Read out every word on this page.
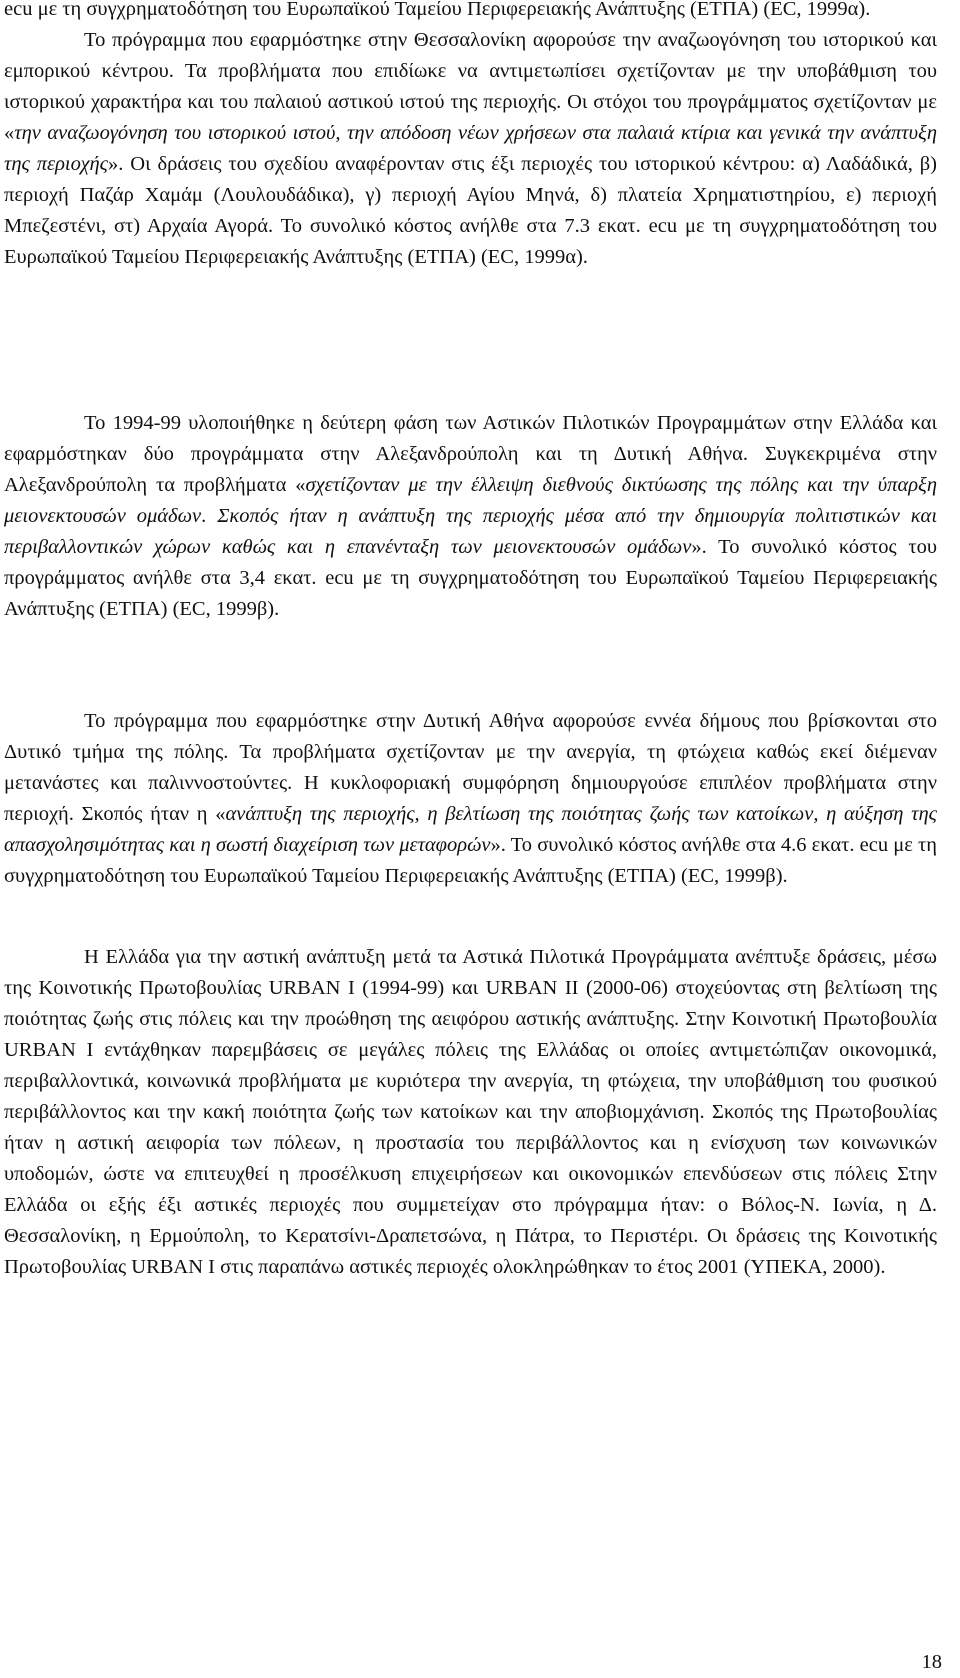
ecu με τη συγχρηματοδότηση του Ευρωπαϊκού Ταμείου Περιφερειακής Ανάπτυξης (ΕΤΠΑ) (ΕC, 1999α).

Το πρόγραμμα που εφαρμόστηκε στην Θεσσαλονίκη αφορούσε την αναζωογόνηση του ιστορικού και εμπορικού κέντρου. Τα προβλήματα που επιδίωκε να αντιμετωπίσει σχετίζονταν με την υποβάθμιση του ιστορικού χαρακτήρα και του παλαιού αστικού ιστού της περιοχής. Οι στόχοι του προγράμματος σχετίζονταν με «την αναζωογόνηση του ιστορικού ιστού, την απόδοση νέων χρήσεων στα παλαιά κτίρια και γενικά την ανάπτυξη της περιοχής». Οι δράσεις του σχεδίου αναφέρονταν στις έξι περιοχές του ιστορικού κέντρου: α) Λαδάδικά, β) περιοχή Παζάρ Χαμάμ (Λουλουδάδικα), γ) περιοχή Αγίου Μηνά, δ) πλατεία Χρηματιστηρίου, ε) περιοχή Μπεζεστένι, στ) Αρχαία Αγορά. Το συνολικό κόστος ανήλθε στα 7.3 εκατ. ecu με τη συγχρηματοδότηση του Ευρωπαϊκού Ταμείου Περιφερειακής Ανάπτυξης (ΕΤΠΑ) (ΕC, 1999α).

Το 1994-99 υλοποιήθηκε η δεύτερη φάση των Αστικών Πιλοτικών Προγραμμάτων στην Ελλάδα και εφαρμόστηκαν δύο προγράμματα στην Αλεξανδρούπολη και τη Δυτική Αθήνα. Συγκεκριμένα στην Αλεξανδρούπολη τα προβλήματα «σχετίζονταν με την έλλειψη διεθνούς δικτύωσης της πόλης και την ύπαρξη μειονεκτουσών ομάδων. Σκοπός ήταν η ανάπτυξη της περιοχής μέσα από την δημιουργία πολιτιστικών και περιβαλλοντικών χώρων καθώς και η επανένταξη των μειονεκτουσών ομάδων». Το συνολικό κόστος του προγράμματος ανήλθε στα 3,4 εκατ. ecu με τη συγχρηματοδότηση του Ευρωπαϊκού Ταμείου Περιφερειακής Ανάπτυξης (ΕΤΠΑ) (ΕC, 1999β).

Το πρόγραμμα που εφαρμόστηκε στην Δυτική Αθήνα αφορούσε εννέα δήμους που βρίσκονται στο Δυτικό τμήμα της πόλης. Τα προβλήματα σχετίζονταν με την ανεργία, τη φτώχεια καθώς εκεί διέμεναν μετανάστες και παλιννοστούντες. Η κυκλοφοριακή συμφόρηση δημιουργούσε επιπλέον προβλήματα στην περιοχή. Σκοπός ήταν η «ανάπτυξη της περιοχής, η βελτίωση της ποιότητας ζωής των κατοίκων, η αύξηση της απασχολησιμότητας και η σωστή διαχείριση των μεταφορών». Το συνολικό κόστος ανήλθε στα 4.6 εκατ. ecu με τη συγχρηματοδότηση του Ευρωπαϊκού Ταμείου Περιφερειακής Ανάπτυξης (ΕΤΠΑ) (ΕC, 1999β).

Η Ελλάδα για την αστική ανάπτυξη μετά τα Αστικά Πιλοτικά Προγράμματα ανέπτυξε δράσεις, μέσω της Κοινοτικής Πρωτοβουλίας URBAN I (1994-99) και URBAN II (2000-06) στοχεύοντας στη βελτίωση της ποιότητας ζωής στις πόλεις και την προώθηση της αειφόρου αστικής ανάπτυξης. Στην Κοινοτική Πρωτοβουλία URBAN I εντάχθηκαν παρεμβάσεις σε μεγάλες πόλεις της Ελλάδας οι οποίες αντιμετώπιζαν οικονομικά, περιβαλλοντικά, κοινωνικά προβλήματα με κυριότερα την ανεργία, τη φτώχεια, την υποβάθμιση του φυσικού περιβάλλοντος και την κακή ποιότητα ζωής των κατοίκων και την αποβιομχάνιση. Σκοπός της Πρωτοβουλίας ήταν η αστική αειφορία των πόλεων, η προστασία του περιβάλλοντος και η ενίσχυση των κοινωνικών υποδομών, ώστε να επιτευχθεί η προσέλκυση επιχειρήσεων και οικονομικών επενδύσεων στις πόλεις Στην Ελλάδα οι εξής έξι αστικές περιοχές που συμμετείχαν στο πρόγραμμα ήταν: ο Βόλος-Ν. Ιωνία, η Δ. Θεσσαλονίκη, η Ερμούπολη, το Κερατσίνι-Δραπετσώνα, η Πάτρα, το Περιστέρι. Οι δράσεις της Κοινοτικής Πρωτοβουλίας URBAN I στις παραπάνω αστικές περιοχές ολοκληρώθηκαν το έτος 2001 (ΥΠΕΚΑ, 2000).

18
